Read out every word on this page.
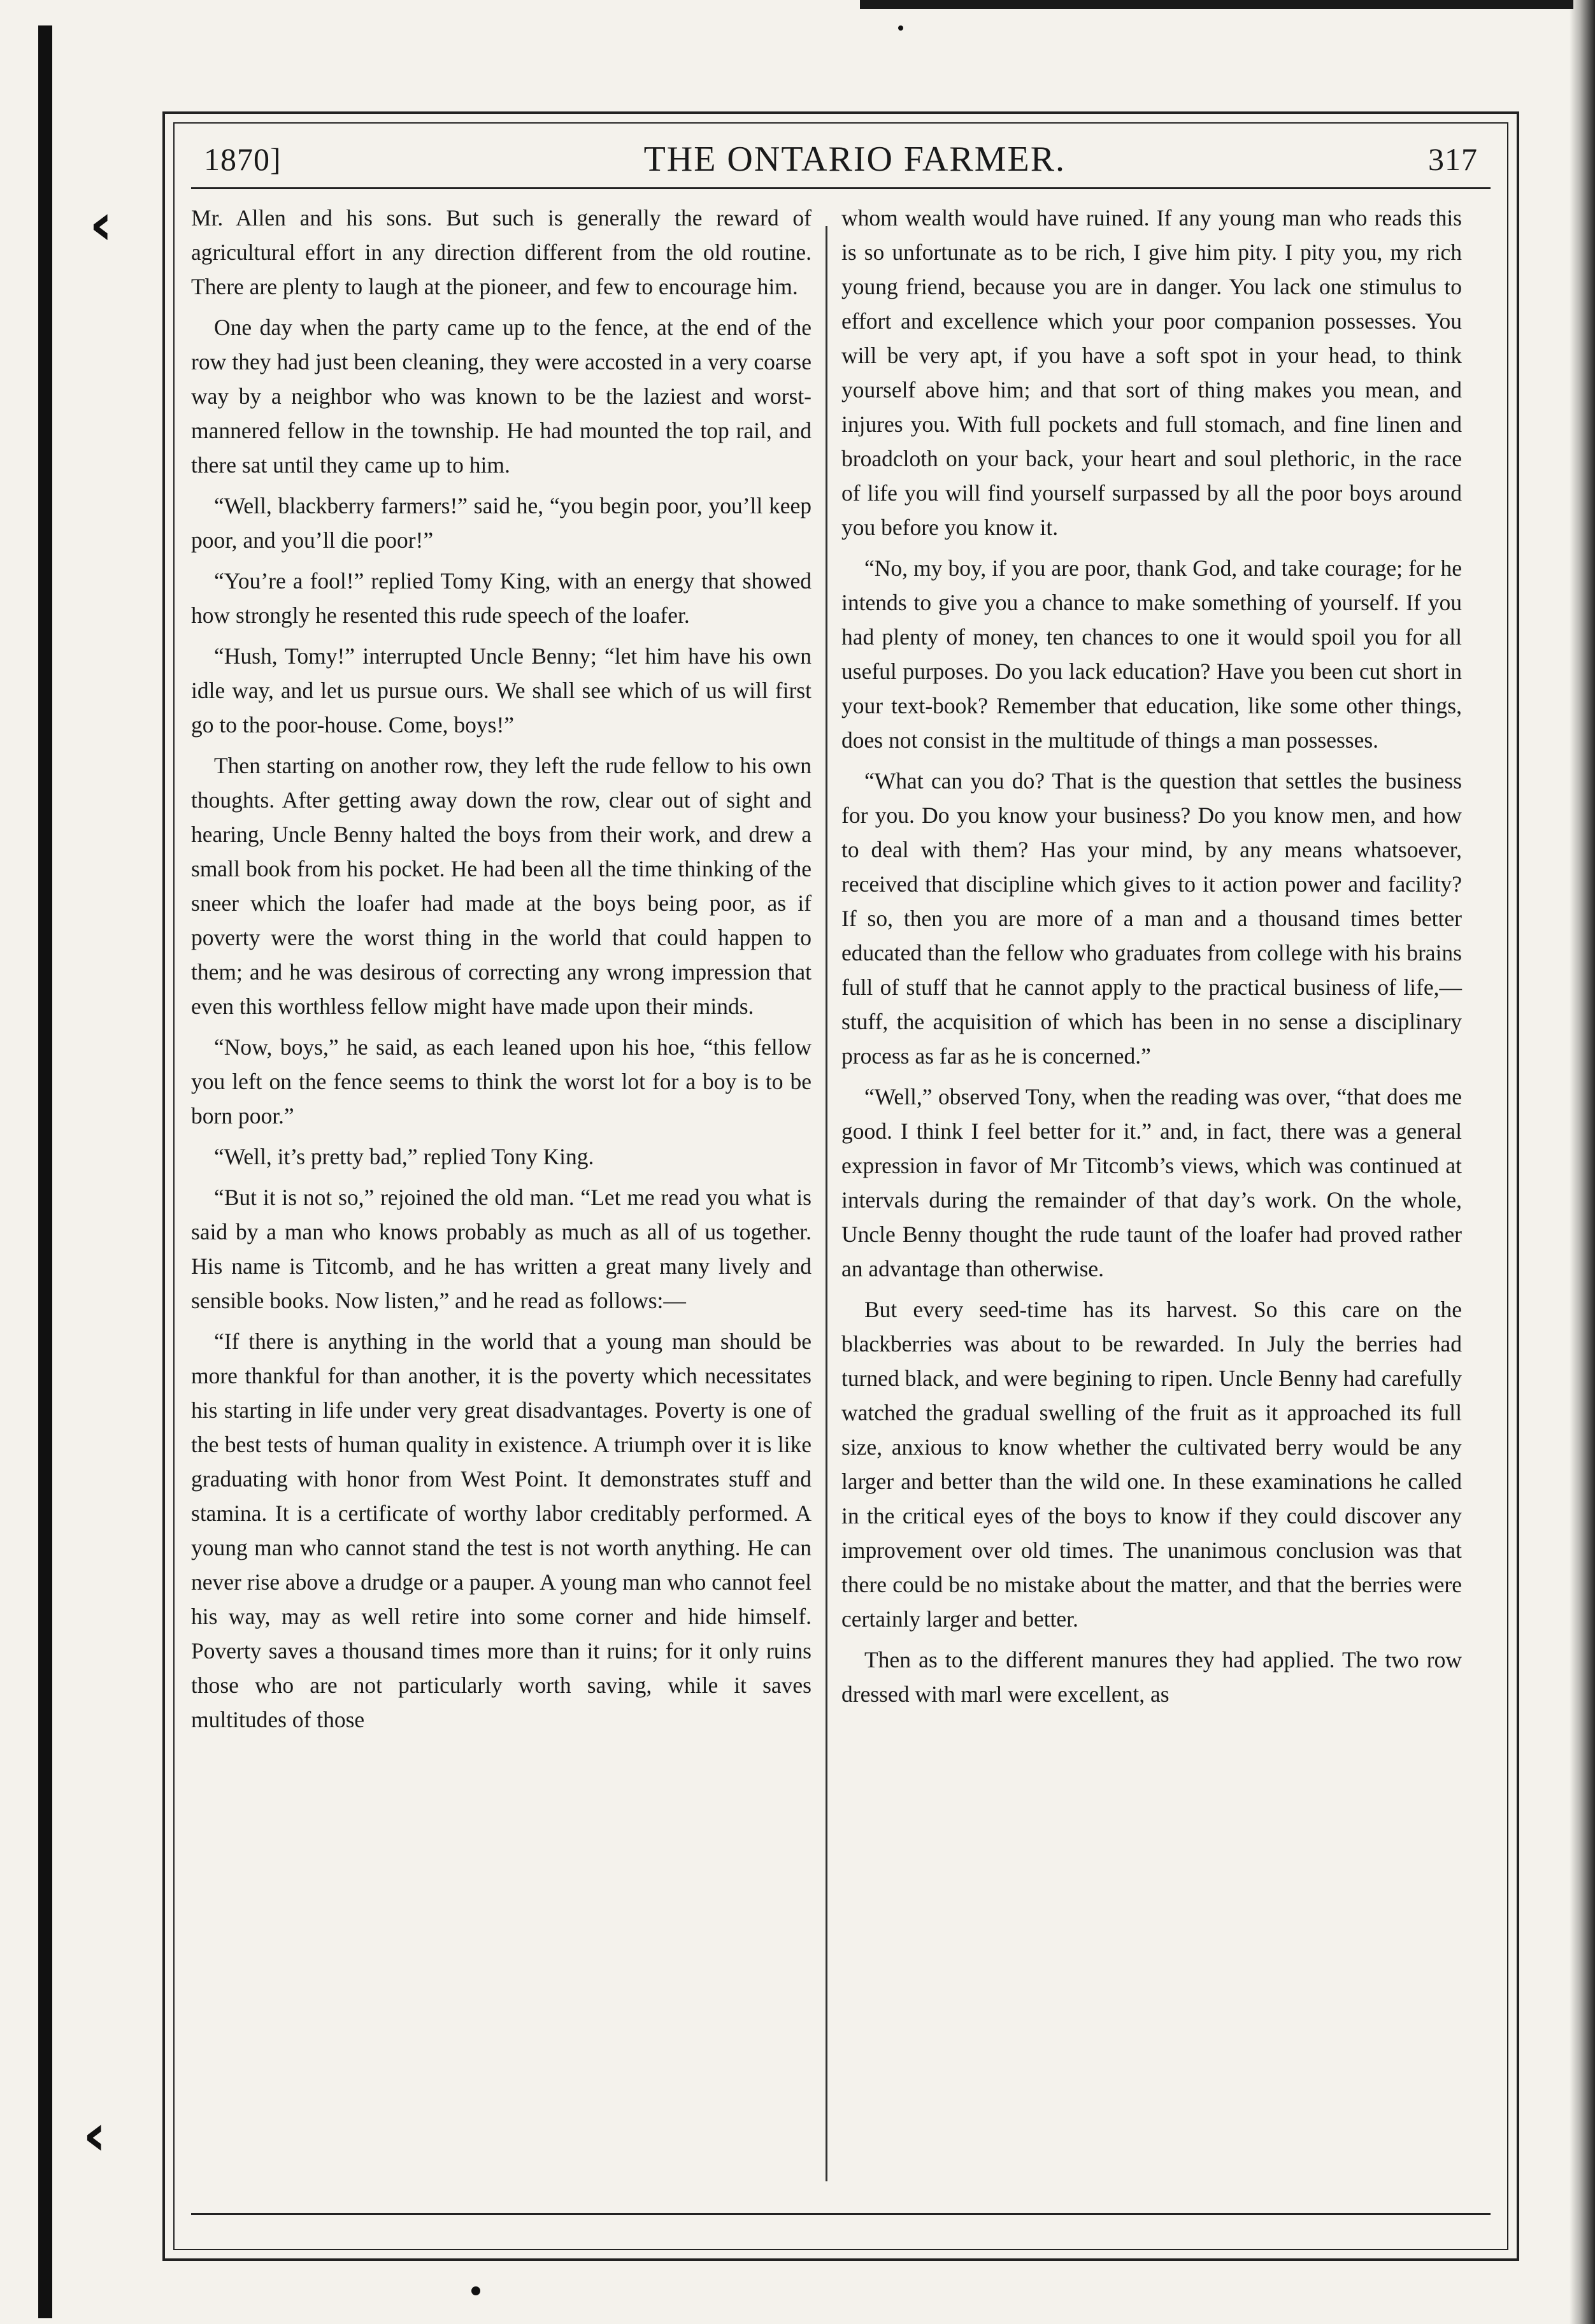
‹
‹
1870]	THE ONTARIO FARMER.	317

Mr. Allen and his sons. But such is generally the reward of agricultural effort in any direction different from the old routine. There are plenty to laugh at the pioneer, and few to encourage him.

One day when the party came up to the fence, at the end of the row they had just been cleaning, they were accosted in a very coarse way by a neighbor who was known to be the laziest and worst-mannered fellow in the township. He had mounted the top rail, and there sat until they came up to him.

“Well, blackberry farmers!” said he, “you begin poor, you’ll keep poor, and you’ll die poor!”

“You’re a fool!” replied Tomy King, with an energy that showed how strongly he resented this rude speech of the loafer.

“Hush, Tomy!” interrupted Uncle Benny; “let him have his own idle way, and let us pursue ours. We shall see which of us will first go to the poor-house. Come, boys!”

Then starting on another row, they left the rude fellow to his own thoughts. After getting away down the row, clear out of sight and hearing, Uncle Benny halted the boys from their work, and drew a small book from his pocket. He had been all the time thinking of the sneer which the loafer had made at the boys being poor, as if poverty were the worst thing in the world that could happen to them; and he was desirous of correcting any wrong impression that even this worthless fellow might have made upon their minds.

“Now, boys,” he said, as each leaned upon his hoe, “this fellow you left on the fence seems to think the worst lot for a boy is to be born poor.”

“Well, it’s pretty bad,” replied Tony King.

“But it is not so,” rejoined the old man. “Let me read you what is said by a man who knows probably as much as all of us together. His name is Titcomb, and he has written a great many lively and sensible books. Now listen,” and he read as follows:—

“If there is anything in the world that a young man should be more thankful for than another, it is the poverty which necessitates his starting in life under very great disadvantages. Poverty is one of the best tests of human quality in existence. A triumph over it is like graduating with honor from West Point. It demonstrates stuff and stamina. It is a certificate of worthy labor creditably performed. A young man who cannot stand the test is not worth anything. He can never rise above a drudge or a pauper. A young man who cannot feel his way, may as well retire into some corner and hide himself. Poverty saves a thousand times more than it ruins; for it only ruins those who are not particularly worth saving, while it saves multitudes of those

whom wealth would have ruined. If any young man who reads this is so unfortunate as to be rich, I give him pity. I pity you, my rich young friend, because you are in danger. You lack one stimulus to effort and excellence which your poor companion possesses. You will be very apt, if you have a soft spot in your head, to think yourself above him; and that sort of thing makes you mean, and injures you. With full pockets and full stomach, and fine linen and broadcloth on your back, your heart and soul plethoric, in the race of life you will find yourself surpassed by all the poor boys around you before you know it.

“No, my boy, if you are poor, thank God, and take courage; for he intends to give you a chance to make something of yourself. If you had plenty of money, ten chances to one it would spoil you for all useful purposes. Do you lack education? Have you been cut short in your text-book? Remember that education, like some other things, does not consist in the multitude of things a man possesses.

“What can you do? That is the question that settles the business for you. Do you know your business? Do you know men, and how to deal with them? Has your mind, by any means whatsoever, received that discipline which gives to it action power and facility? If so, then you are more of a man and a thousand times better educated than the fellow who graduates from college with his brains full of stuff that he cannot apply to the practical business of life,—stuff, the acquisition of which has been in no sense a disciplinary process as far as he is concerned.”

“Well,” observed Tony, when the reading was over, “that does me good. I think I feel better for it.” and, in fact, there was a general expression in favor of Mr Titcomb’s views, which was continued at intervals during the remainder of that day’s work. On the whole, Uncle Benny thought the rude taunt of the loafer had proved rather an advantage than otherwise.

But every seed-time has its harvest. So this care on the blackberries was about to be rewarded. In July the berries had turned black, and were begining to ripen. Uncle Benny had carefully watched the gradual swelling of the fruit as it approached its full size, anxious to know whether the cultivated berry would be any larger and better than the wild one. In these examinations he called in the critical eyes of the boys to know if they could discover any improvement over old times. The unanimous conclusion was that there could be no mistake about the matter, and that the berries were certainly larger and better.

Then as to the different manures they had applied. The two row dressed with marl were excellent, as
